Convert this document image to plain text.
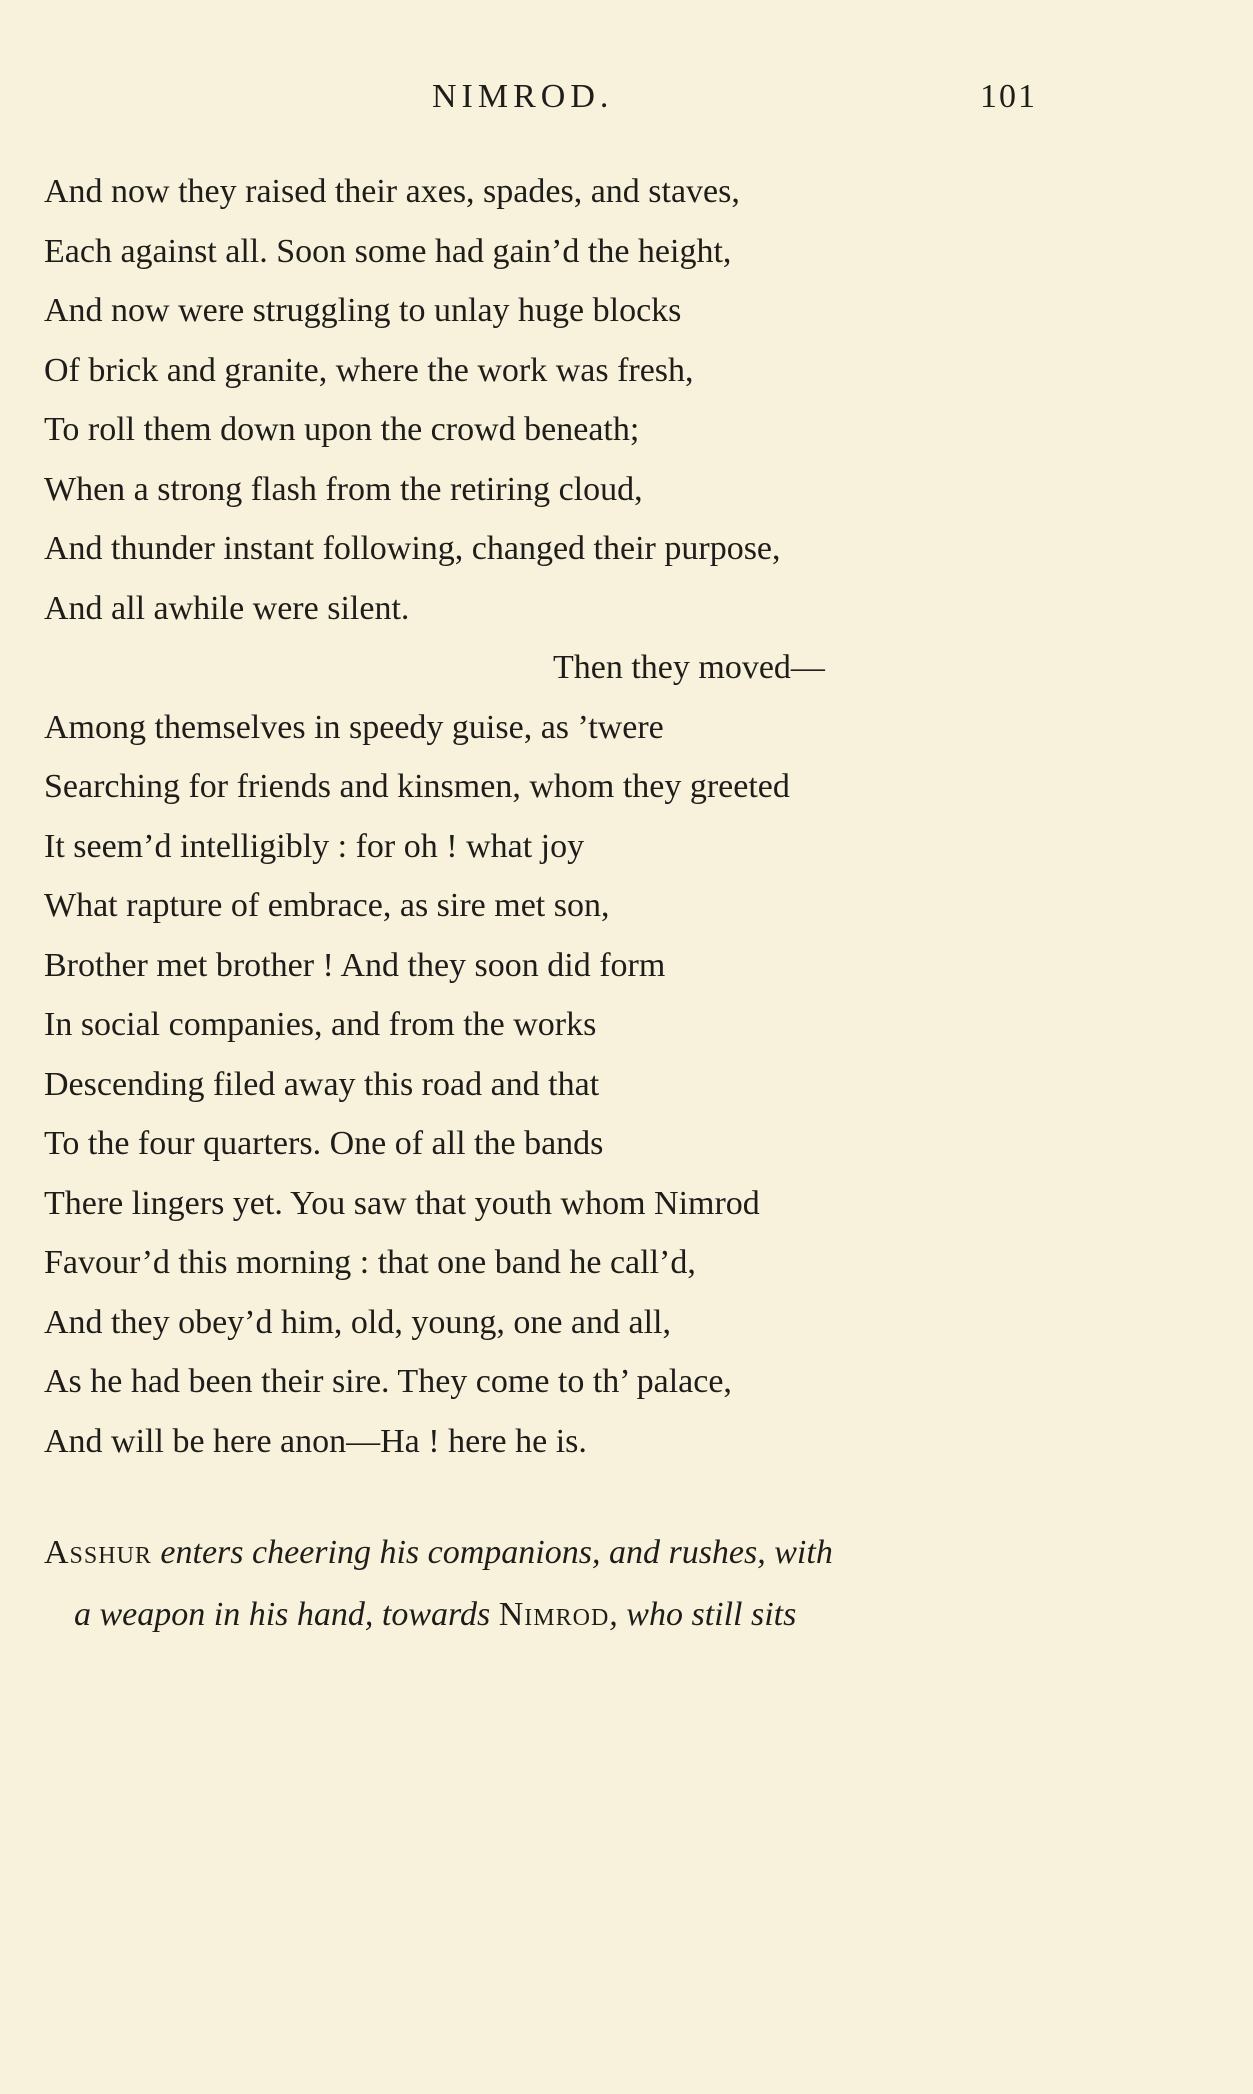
NIMROD.	101
And now they raised their axes, spades, and staves,
Each against all. Soon some had gain’d the height,
And now were struggling to unlay huge blocks
Of brick and granite, where the work was fresh,
To roll them down upon the crowd beneath;
When a strong flash from the retiring cloud,
And thunder instant following, changed their purpose,
And all awhile were silent.
Then they moved—
Among themselves in speedy guise, as ’twere
Searching for friends and kinsmen, whom they greeted
It seem’d intelligibly : for oh ! what joy
What rapture of embrace, as sire met son,
Brother met brother ! And they soon did form
In social companies, and from the works
Descending filed away this road and that
To the four quarters. One of all the bands
There lingers yet. You saw that youth whom Nimrod
Favour’d this morning : that one band he call’d,
And they obey’d him, old, young, one and all,
As he had been their sire. They come to th’ palace,
And will be here anon—Ha ! here he is.
Asshur enters cheering his companions, and rushes, with
a weapon in his hand, towards Nimrod, who still sits
